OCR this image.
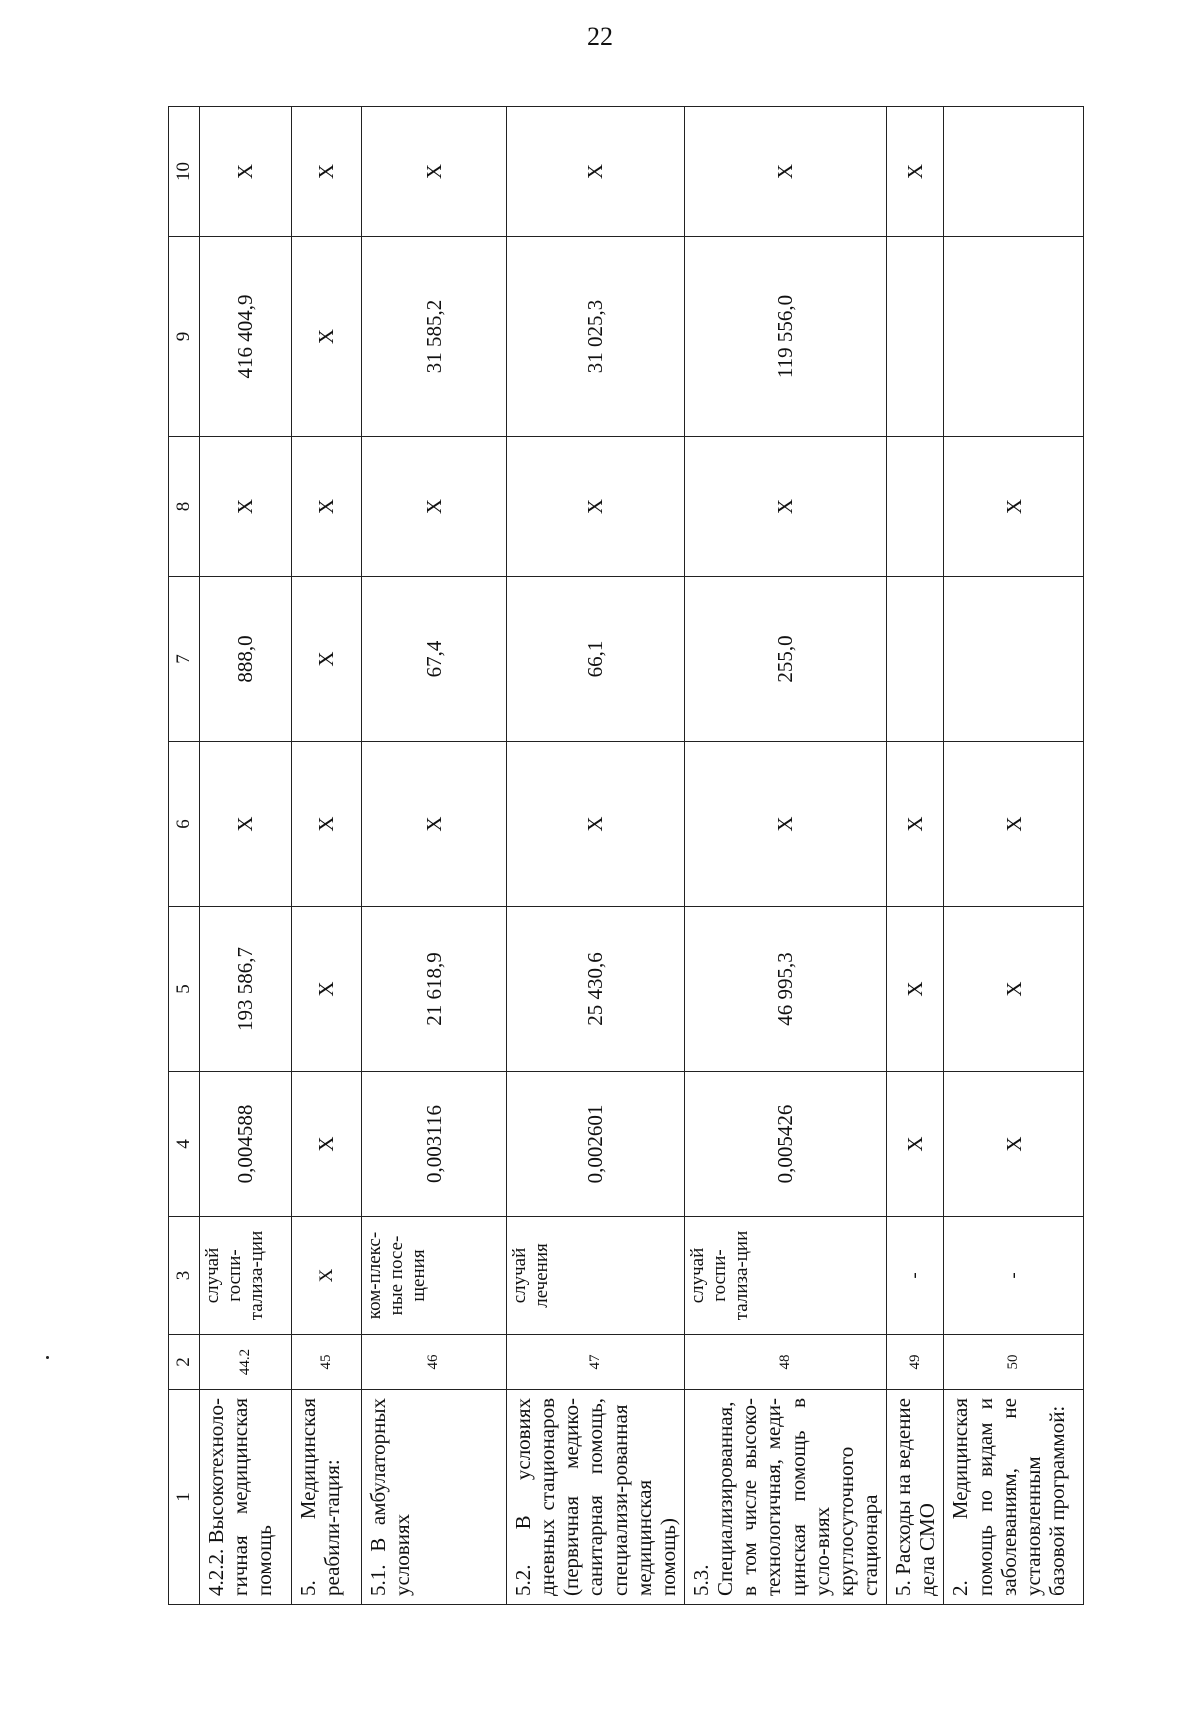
22
1	2	3	4	5	6	7	8	9	10
4.2.2. Высокотехноло-гичная медицинская помощь	44.2	случай госпи-тализа-ции	0,004588	193 586,7	X	888,0	X	416 404,9	X
5. Медицинская реабили-тация:	45	X	X	X	X	X	X	X	X
5.1. В амбулаторных условиях	46	ком-плекс-ные посе-щения	0,003116	21 618,9	X	67,4	X	31 585,2	X
5.2. В условиях дневных стационаров (первичная медико-санитарная помощь, специализи-рованная медицинская помощь)	47	случай лечения	0,002601	25 430,6	X	66,1	X	31 025,3	X
5.3. Специализированная, в том числе высоко-технологичная, меди-цинская помощь в усло-виях круглосуточного стационара	48	случай госпи-тализа-ции	0,005426	46 995,3	X	255,0	X	119 556,0	X
5. Расходы на ведение дела СМО	49	-	X	X	X				X
2. Медицинская помощь по видам и заболеваниям, не установленным базовой программой:	50	-	X	X	X		X		
